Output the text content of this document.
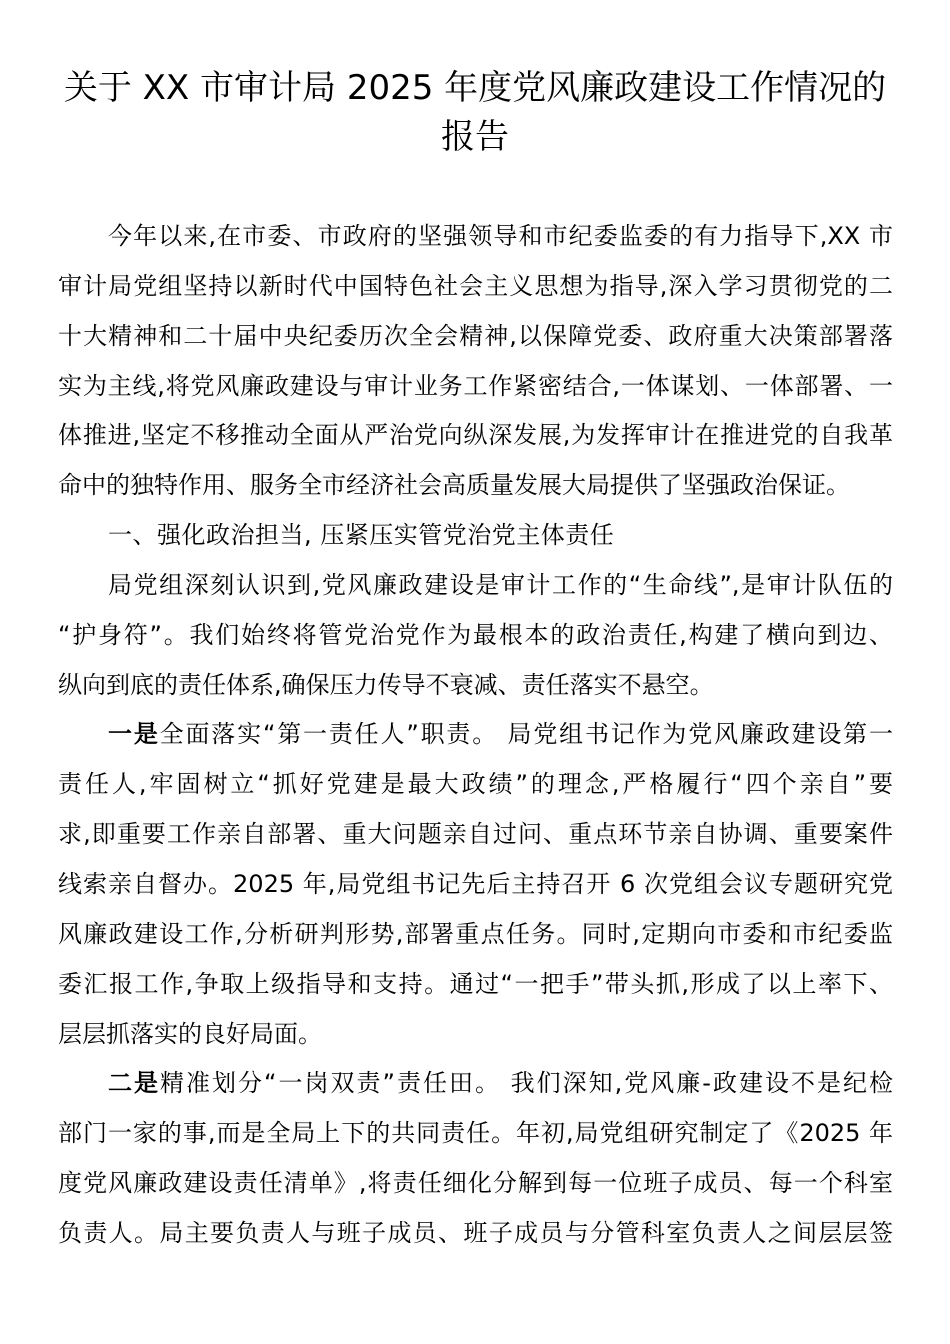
关于 XX 市审计局 2025 年度党风廉政建设工作情况的
报告
今年以来,在市委、市政府的坚强领导和市纪委监委的有力指导下,XX 市
审计局党组坚持以新时代中国特色社会主义思想为指导,深入学习贯彻党的二
十大精神和二十届中央纪委历次全会精神,以保障党委、政府重大决策部署落
实为主线,将党风廉政建设与审计业务工作紧密结合,一体谋划、一体部署、一
体推进,坚定不移推动全面从严治党向纵深发展,为发挥审计在推进党的自我革
命中的独特作用、服务全市经济社会高质量发展大局提供了坚强政治保证。
一、强化政治担当, 压紧压实管党治党主体责任
局党组深刻认识到,党风廉政建设是审计工作的“生命线”,是审计队伍的
“护身符”。我们始终将管党治党作为最根本的政治责任,构建了横向到边、
纵向到底的责任体系,确保压力传导不衰减、责任落实不悬空。
一是全面落实“第一责任人”职责。 局党组书记作为党风廉政建设第一
责任人,牢固树立“抓好党建是最大政绩”的理念,严格履行“四个亲自”要
求,即重要工作亲自部署、重大问题亲自过问、重点环节亲自协调、重要案件
线索亲自督办。2025 年,局党组书记先后主持召开 6 次党组会议专题研究党
风廉政建设工作,分析研判形势,部署重点任务。同时,定期向市委和市纪委监
委汇报工作,争取上级指导和支持。通过“一把手”带头抓,形成了以上率下、
层层抓落实的良好局面。
二是精准划分“一岗双责”责任田。 我们深知,党风廉-政建设不是纪检
部门一家的事,而是全局上下的共同责任。年初,局党组研究制定了《2025 年
度党风廉政建设责任清单》,将责任细化分解到每一位班子成员、每一个科室
负责人。局主要负责人与班子成员、班子成员与分管科室负责人之间层层签
